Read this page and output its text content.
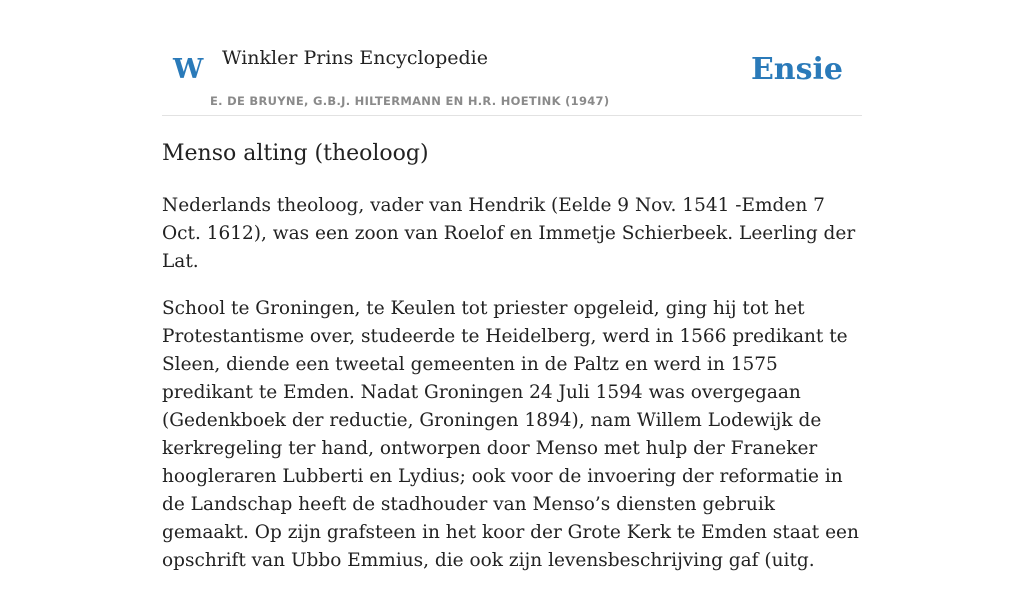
W Winkler Prins Encyclopedie
E. DE BRUYNE, G.B.J. HILTERMANN EN H.R. HOETINK (1947)
Ensie
Menso alting (theoloog)

Nederlands theoloog, vader van Hendrik (Eelde 9 Nov. 1541 -Emden 7 Oct. 1612), was een zoon van Roelof en Immetje Schierbeek. Leerling der Lat.

School te Groningen, te Keulen tot priester opgeleid, ging hij tot het Protestantisme over, studeerde te Heidelberg, werd in 1566 predikant te Sleen, diende een tweetal gemeenten in de Paltz en werd in 1575 predikant te Emden. Nadat Groningen 24 Juli 1594 was overgegaan (Gedenkboek der reductie, Groningen 1894), nam Willem Lodewijk de kerkregeling ter hand, ontworpen door Menso met hulp der Franeker hoogleraren Lubberti en Lydius; ook voor de invoering der reformatie in de Landschap heeft de stadhouder van Menso’s diensten gebruik gemaakt. Op zijn grafsteen in het koor der Grote Kerk te Emden staat een opschrift van Ubbo Emmius, die ook zijn levensbeschrijving gaf (uitg.
